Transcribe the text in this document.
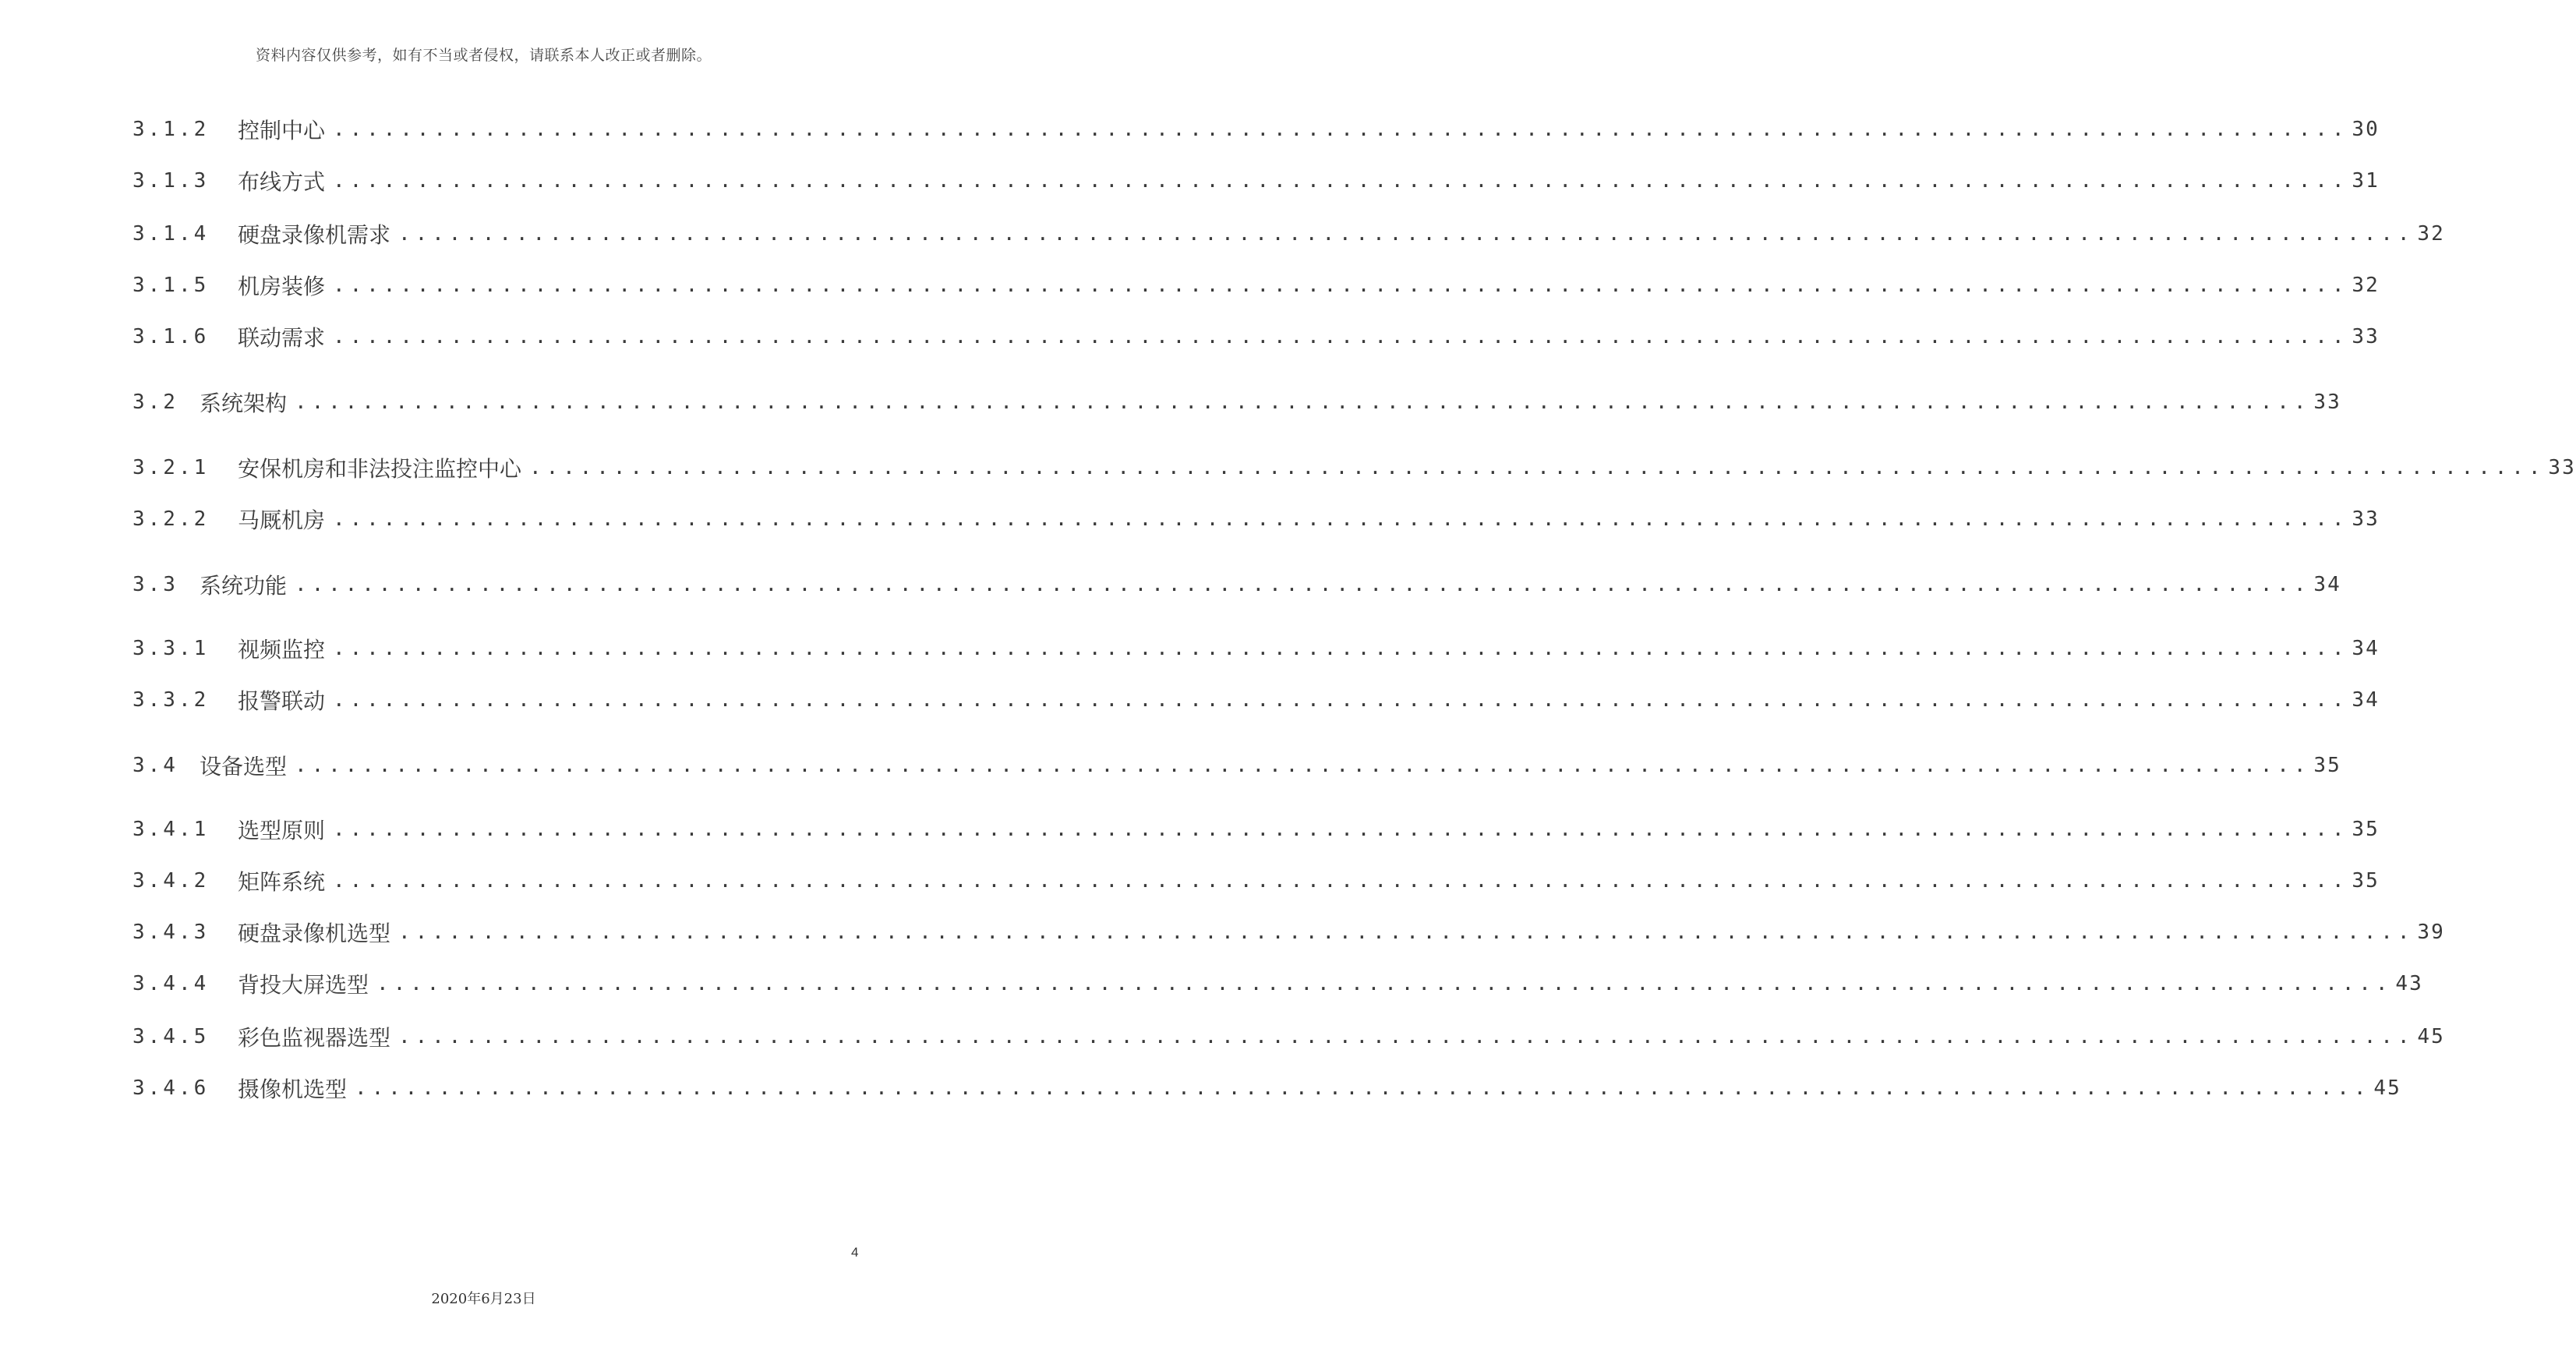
资料内容仅供参考，如有不当或者侵权，请联系本人改正或者删除。
3.1.2	控制中心 ........................................................................................................................ 30
3.1.3	布线方式 ........................................................................................................................ 31
3.1.4	硬盘录像机需求 ........................................................................................................................ 32
3.1.5	机房装修 ........................................................................................................................ 32
3.1.6	联动需求 ........................................................................................................................ 33
3.2 系统架构 ........................................................................................................................ 33
3.2.1	安保机房和非法投注监控中心 ........................................................................................................................ 33
3.2.2	马厩机房 ........................................................................................................................ 33
3.3 系统功能 ........................................................................................................................ 34
3.3.1	视频监控 ........................................................................................................................ 34
3.3.2	报警联动 ........................................................................................................................ 34
3.4 设备选型 ........................................................................................................................ 35
3.4.1	选型原则 ........................................................................................................................ 35
3.4.2	矩阵系统 ........................................................................................................................ 35
3.4.3	硬盘录像机选型 ........................................................................................................................ 39
3.4.4	背投大屏选型 ........................................................................................................................ 43
3.4.5	彩色监视器选型 ........................................................................................................................ 45
3.4.6	摄像机选型 ........................................................................................................................ 45
4
2020年6月23日
